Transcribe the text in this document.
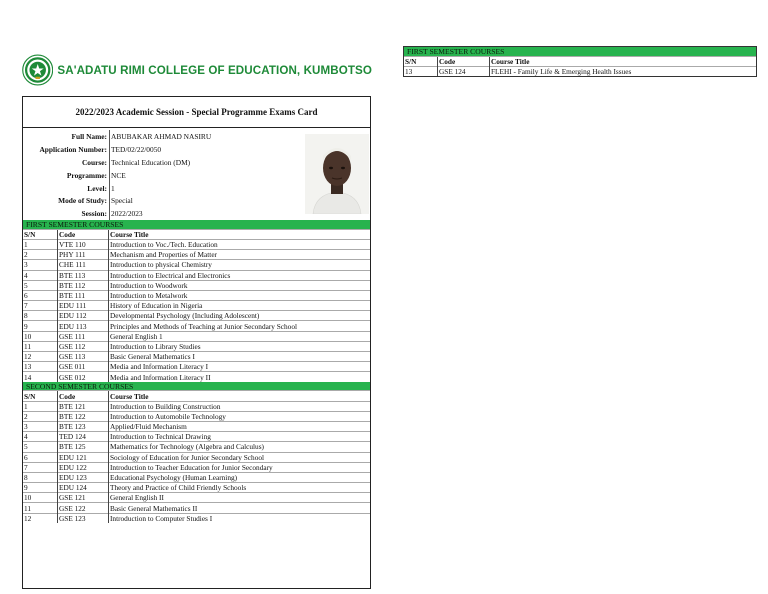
SA'ADATU RIMI COLLEGE OF EDUCATION, KUMBOTSO
2022/2023 Academic Session - Special Programme Exams Card
Full Name: ABUBAKAR AHMAD NASIRU
Application Number: TED/02/22/0050
Course: Technical Education (DM)
Programme: NCE
Level: 1
Mode of Study: Special
Session: 2022/2023
FIRST SEMESTER COURSES
S/N	Code	Course Title
1	VTE 110	Introduction to Voc./Tech. Education
2	PHY 111	Mechanism and Properties of Matter
3	CHE 111	Introduction to physical Chemistry
4	BTE 113	Introduction to Electrical and Electronics
5	BTE 112	Introduction to Woodwork
6	BTE 111	Introduction to Metalwork
7	EDU 111	History of Education in Nigeria
8	EDU 112	Developmental Psychology (Including Adolescent)
9	EDU 113	Principles and Methods of Teaching at Junior Secondary School
10	GSE 111	General English 1
11	GSE 112	Introduction to Library Studies
12	GSE 113	Basic General Mathematics I
13	GSE 011	Media and Information Literacy I
14	GSE 012	Media and Information Literacy II
SECOND SEMESTER COURSES
S/N	Code	Course Title
1	BTE 121	Introduction to Building Construction
2	BTE 122	Introduction to Automobile Technology
3	BTE 123	Applied/Fluid Mechanism
4	TED 124	Introduction to Technical Drawing
5	BTE 125	Mathematics for Technology (Algebra and Calculus)
6	EDU 121	Sociology of Education for Junior Secondary School
7	EDU 122	Introduction to Teacher Education for Junior Secondary
8	EDU 123	Educational Psychology (Human Learning)
9	EDU 124	Theory and Practice of Child Friendly Schools
10	GSE 121	General English II
11	GSE 122	Basic General Mathematics II
12	GSE 123	Introduction to Computer Studies I
FIRST SEMESTER COURSES
S/N	Code	Course Title
13	GSE 124	FLEHI - Family Life & Emerging Health Issues
